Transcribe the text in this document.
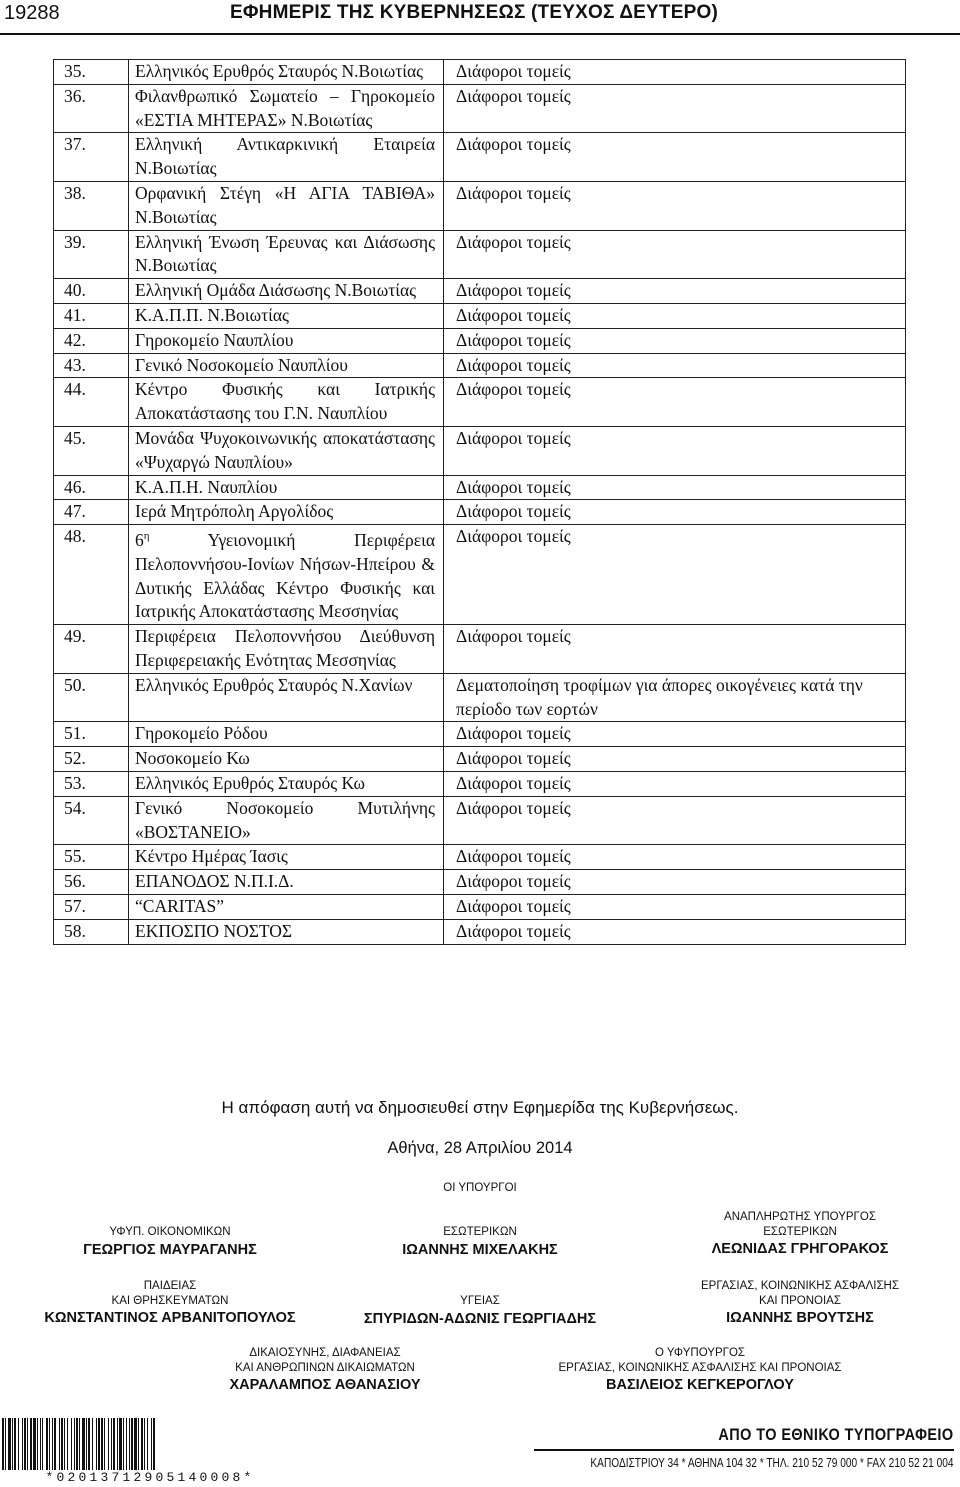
19288	ΕΦΗΜΕΡΙΣ ΤΗΣ ΚΥΒΕΡΝΗΣΕΩΣ (ΤΕΥΧΟΣ ΔΕΥΤΕΡΟ)
35.	Ελληνικός Ερυθρός Σταυρός Ν.Βοιωτίας	Διάφοροι τομείς
36.	Φιλανθρωπικό Σωματείο – Γηροκομείο «ΕΣΤΙΑ ΜΗΤΕΡΑΣ» Ν.Βοιωτίας	Διάφοροι τομείς
37.	Ελληνική Αντικαρκινική Εταιρεία Ν.Βοιωτίας	Διάφοροι τομείς
38.	Ορφανική Στέγη «Η ΑΓΙΑ ΤΑΒΙΘΑ» Ν.Βοιωτίας	Διάφοροι τομείς
39.	Ελληνική Ένωση Έρευνας και Διάσωσης Ν.Βοιωτίας	Διάφοροι τομείς
40.	Ελληνική Ομάδα Διάσωσης Ν.Βοιωτίας	Διάφοροι τομείς
41.	Κ.Α.Π.Π. Ν.Βοιωτίας	Διάφοροι τομείς
42.	Γηροκομείο Ναυπλίου	Διάφοροι τομείς
43.	Γενικό Νοσοκομείο Ναυπλίου	Διάφοροι τομείς
44.	Κέντρο Φυσικής και Ιατρικής Αποκατάστασης του Γ.Ν. Ναυπλίου	Διάφοροι τομείς
45.	Μονάδα Ψυχοκοινωνικής αποκατάστασης «Ψυχαργώ Ναυπλίου»	Διάφοροι τομείς
46.	Κ.Α.Π.Η. Ναυπλίου	Διάφοροι τομείς
47.	Ιερά Μητρόπολη Αργολίδος	Διάφοροι τομείς
48.	$6^\eta$ Υγειονομική Περιφέρεια Πελοποννήσου-Ιονίων Νήσων-Ηπείρου & Δυτικής Ελλάδας Κέντρο Φυσικής και Ιατρικής Αποκατάστασης Μεσσηνίας	Διάφοροι τομείς
49.	Περιφέρεια Πελοποννήσου Διεύθυνση Περιφερειακής Ενότητας Μεσσηνίας	Διάφοροι τομείς
50.	Ελληνικός Ερυθρός Σταυρός Ν.Χανίων	Δεματοποίηση τροφίμων για άπορες οικογένειες κατά την περίοδο των εορτών
51.	Γηροκομείο Ρόδου	Διάφοροι τομείς
52.	Νοσοκομείο Κω	Διάφοροι τομείς
53.	Ελληνικός Ερυθρός Σταυρός Κω	Διάφοροι τομείς
54.	Γενικό Νοσοκομείο Μυτιλήνης «ΒΟΣΤΑΝΕΙΟ»	Διάφοροι τομείς
55.	Κέντρο Ημέρας Ίασις	Διάφοροι τομείς
56.	ΕΠΑΝΟΔΟΣ Ν.Π.Ι.Δ.	Διάφοροι τομείς
57.	“CARITAS”	Διάφοροι τομείς
58.	ΕΚΠΟΣΠΟ ΝΟΣΤΟΣ	Διάφοροι τομείς
Η απόφαση αυτή να δημοσιευθεί στην Εφημερίδα της Κυβερνήσεως.
Αθήνα, 28 Απριλίου 2014
ΟΙ ΥΠΟΥΡΓΟΙ
ΥΦΥΠ. ΟΙΚΟΝΟΜΙΚΩΝ
ΓΕΩΡΓΙΟΣ ΜΑΥΡΑΓΑΝΗΣ
ΕΣΩΤΕΡΙΚΩΝ
ΙΩΑΝΝΗΣ ΜΙΧΕΛΑΚΗΣ
ΑΝΑΠΛΗΡΩΤΗΣ ΥΠΟΥΡΓΟΣ
ΕΣΩΤΕΡΙΚΩΝ
ΛΕΩΝΙΔΑΣ ΓΡΗΓΟΡΑΚΟΣ
ΠΑΙΔΕΙΑΣ
ΚΑΙ ΘΡΗΣΚΕΥΜΑΤΩΝ
ΚΩΝΣΤΑΝΤΙΝΟΣ ΑΡΒΑΝΙΤΟΠΟΥΛΟΣ
ΥΓΕΙΑΣ
ΣΠΥΡΙΔΩΝ-ΑΔΩΝΙΣ ΓΕΩΡΓΙΑΔΗΣ
ΕΡΓΑΣΙΑΣ, ΚΟΙΝΩΝΙΚΗΣ ΑΣΦΑΛΙΣΗΣ
ΚΑΙ ΠΡΟΝΟΙΑΣ
ΙΩΑΝΝΗΣ ΒΡΟΥΤΣΗΣ
ΔΙΚΑΙΟΣΥΝΗΣ, ΔΙΑΦΑΝΕΙΑΣ
ΚΑΙ ΑΝΘΡΩΠΙΝΩΝ ΔΙΚΑΙΩΜΑΤΩΝ
ΧΑΡΑΛΑΜΠΟΣ ΑΘΑΝΑΣΙΟΥ
Ο ΥΦΥΠΟΥΡΓΟΣ
ΕΡΓΑΣΙΑΣ, ΚΟΙΝΩΝΙΚΗΣ ΑΣΦΑΛΙΣΗΣ ΚΑΙ ΠΡΟΝΟΙΑΣ
ΒΑΣΙΛΕΙΟΣ ΚΕΓΚΕΡΟΓΛΟΥ
*02013712905140008*
ΑΠΟ ΤΟ ΕΘΝΙΚΟ ΤΥΠΟΓΡΑΦΕΙΟ
ΚΑΠΟΔΙΣΤΡΙΟΥ 34 * ΑΘΗΝΑ 104 32 * ΤΗΛ. 210 52 79 000 * FAX 210 52 21 004
